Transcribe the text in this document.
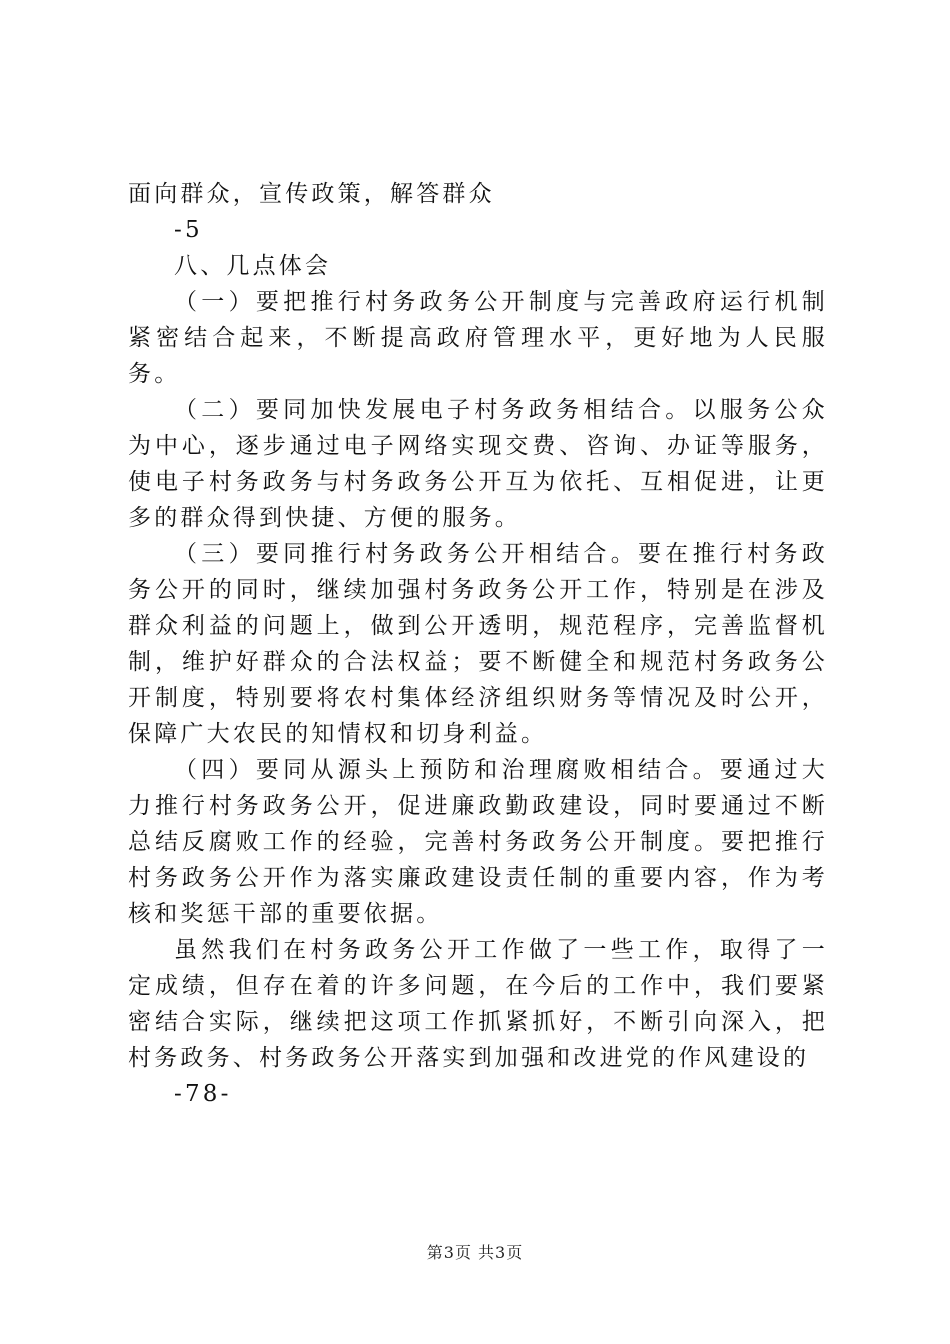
面向群众，宣传政策，解答群众
-5
八、几点体会
（一）要把推行村务政务公开制度与完善政府运行机制紧密结合起来，不断提高政府管理水平，更好地为人民服务。
（二）要同加快发展电子村务政务相结合。以服务公众为中心，逐步通过电子网络实现交费、咨询、办证等服务，使电子村务政务与村务政务公开互为依托、互相促进，让更多的群众得到快捷、方便的服务。
（三）要同推行村务政务公开相结合。要在推行村务政务公开的同时，继续加强村务政务公开工作，特别是在涉及群众利益的问题上，做到公开透明，规范程序，完善监督机制，维护好群众的合法权益；要不断健全和规范村务政务公开制度，特别要将农村集体经济组织财务等情况及时公开，保障广大农民的知情权和切身利益。
（四）要同从源头上预防和治理腐败相结合。要通过大力推行村务政务公开，促进廉政勤政建设，同时要通过不断总结反腐败工作的经验，完善村务政务公开制度。要把推行村务政务公开作为落实廉政建设责任制的重要内容，作为考核和奖惩干部的重要依据。
虽然我们在村务政务公开工作做了一些工作，取得了一定成绩，但存在着的许多问题，在今后的工作中，我们要紧密结合实际，继续把这项工作抓紧抓好，不断引向深入，把村务政务、村务政务公开落实到加强和改进党的作风建设的
-78-
第3页 共3页
